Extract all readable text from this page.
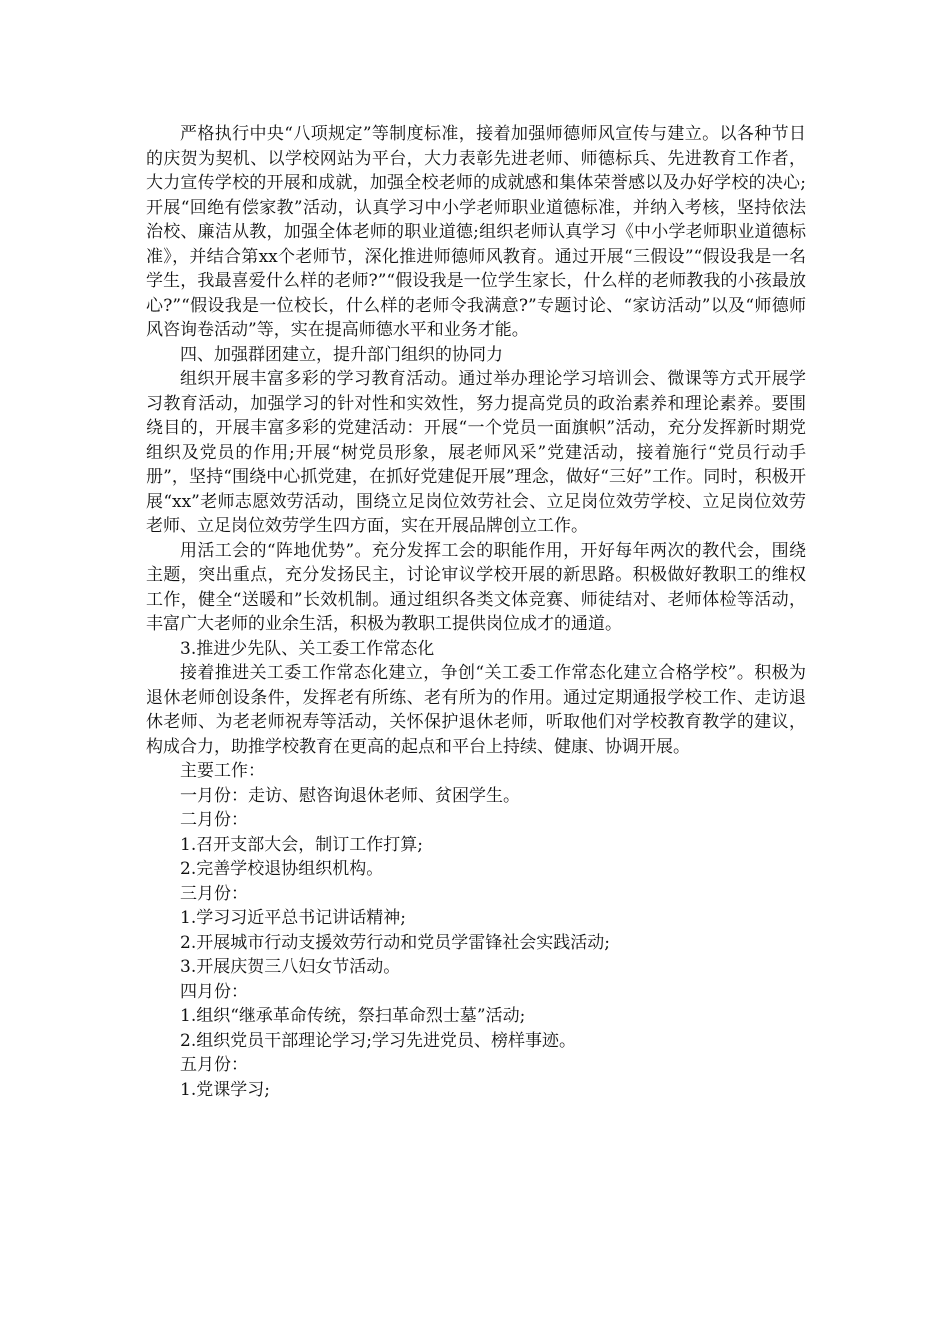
严格执行中央“八项规定”等制度标准，接着加强师德师风宣传与建立。以各种节日的庆贺为契机、以学校网站为平台，大力表彰先进老师、师德标兵、先进教育工作者，大力宣传学校的开展和成就，加强全校老师的成就感和集体荣誉感以及办好学校的决心;开展“回绝有偿家教”活动，认真学习中小学老师职业道德标准，并纳入考核，坚持依法治校、廉洁从教，加强全体老师的职业道德;组织老师认真学习《中小学老师职业道德标准》，并结合第xx个老师节，深化推进师德师风教育。通过开展“三假设”“假设我是一名学生，我最喜爱什么样的老师?”“假设我是一位学生家长，什么样的老师教我的小孩最放心?”“假设我是一位校长，什么样的老师令我满意?”专题讨论、“家访活动”以及“师德师风咨询卷活动”等，实在提高师德水平和业务才能。

四、加强群团建立，提升部门组织的协同力

组织开展丰富多彩的学习教育活动。通过举办理论学习培训会、微课等方式开展学习教育活动，加强学习的针对性和实效性，努力提高党员的政治素养和理论素养。要围绕目的，开展丰富多彩的党建活动：开展“一个党员一面旗帜”活动，充分发挥新时期党组织及党员的作用;开展“树党员形象，展老师风采”党建活动，接着施行“党员行动手册”，坚持“围绕中心抓党建，在抓好党建促开展”理念，做好“三好”工作。同时，积极开展“xx”老师志愿效劳活动，围绕立足岗位效劳社会、立足岗位效劳学校、立足岗位效劳老师、立足岗位效劳学生四方面，实在开展品牌创立工作。

用活工会的“阵地优势”。充分发挥工会的职能作用，开好每年两次的教代会，围绕主题，突出重点，充分发扬民主，讨论审议学校开展的新思路。积极做好教职工的维权工作，健全“送暖和”长效机制。通过组织各类文体竞赛、师徒结对、老师体检等活动，丰富广大老师的业余生活，积极为教职工提供岗位成才的通道。

3.推进少先队、关工委工作常态化

接着推进关工委工作常态化建立，争创“关工委工作常态化建立合格学校”。积极为退休老师创设条件，发挥老有所练、老有所为的作用。通过定期通报学校工作、走访退休老师、为老老师祝寿等活动，关怀保护退休老师，听取他们对学校教育教学的建议，构成合力，助推学校教育在更高的起点和平台上持续、健康、协调开展。

主要工作：

一月份：走访、慰咨询退休老师、贫困学生。

二月份：

1.召开支部大会，制订工作打算;

2.完善学校退协组织机构。

三月份：

1.学习习近平总书记讲话精神;

2.开展城市行动支援效劳行动和党员学雷锋社会实践活动;

3.开展庆贺三八妇女节活动。

四月份：

1.组织“继承革命传统，祭扫革命烈士墓”活动;

2.组织党员干部理论学习;学习先进党员、榜样事迹。

五月份：

1.党课学习;
